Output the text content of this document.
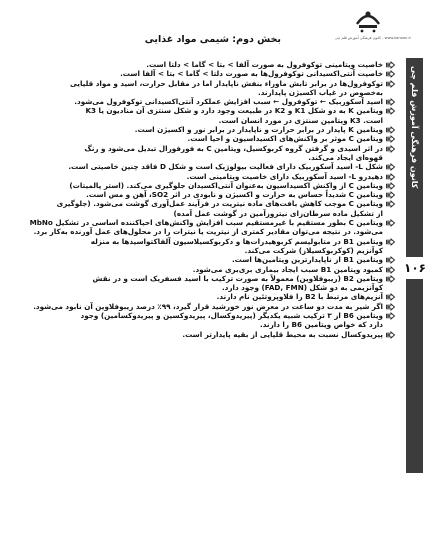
کانون فرهنگی آموزش قلم چی - www.kanoon.ir
بخش دوم: شیمی مواد غذایی
کانون فرهنگی آموزش قلم چی
۱۰۶
خاصیت ویتامینی توکوفرول به صورت آلفا > بتا > گاما > دلتا است.
خاصیت آنتی‌اکسیدانی توکوفرول‌ها به صورت دلتا > گاما > بتا > آلفا است.
توکوفرول‌ها در برابر تابش ماوراء بنفش ناپایدار اما در مقابل حرارت، اسید و مواد قلیایی
به‌خصوص در غیاب اکسیژن پایدارند.
اسید آسکوربیک ← توکوفرول ← سبب افزایش عملکرد آنتی‌اکسیدانی توکوفرول می‌شود.
ویتامین K به دو شکل K1 و K2 در طبیعت وجود دارد و شکل سنتزی آن منادیون یا K3
است. K3 ویتامین سنتزی در مورد انسان است.
ویتامین K پایدار در برابر حرارت و ناپایدار در برابر نور و اکسیژن است.
ویتامین C موثر بر واکنش‌های اکسیداسیون و احیا است.
در اثر اسیدی و گرفتن گروه کربوکسیل، ویتامین C به فورفورال تبدیل می‌شود و رنگ
قهوه‌ای ایجاد می‌کند.
شکل L- اسید آسکوربیک دارای فعالیت بیولوژیک است و شکل D فاقد چنین خاصیتی است.
دهیدرو L- اسید آسکوربیک دارای خاصیت ویتامینی است.
ویتامین C از واکنش اکسیداسیون به‌عنوان آنتی‌اکسیدان جلوگیری می‌کند. (استر پالمیتات)
ویتامین C شدیداً حساس به حرارت و اکسیژن و نابودی در اثر SO2، آهن و مس است.
ویتامین C موجب کاهش بافت‌های ماده نیتریت در فرآیند عمل‌آوری گوشت می‌شود. (جلوگیری
از تشکیل ماده سرطان‌زای نیتروزآمین در گوشت عمل آمده)
ویتامین C بطور مستقیم با غیرمستقیم سبب افزایش واکنش‌های احیاکننده اساسی در تشکیل MbNo
می‌شود. در نتیجه می‌توان مقادیر کمتری از نیتریت یا نیترات را در محلول‌های عمل آورنده به‌کار برد.
ویتامین B1 در متابولیسم کربوهیدرات‌ها و دکربوکسیلاسیون آلفاکتواسیدها به منزله
کوآنزیم (کوکربوکسیلاز) شرکت می‌کند.
ویتامین B1 از ناپایدارترین ویتامین‌ها است.
کمبود ویتامین B1 سبب ایجاد بیماری بری‌بری می‌شود.
ویتامین B2 (ریبوفلاوین) معمولاً به صورت ترکیب با اسید فسفریک است و در نقش
کوآنزیمی به دو شکل (FAD, FMN) وجود دارد.
آنزیم‌های مرتبط با B2 را فلاوپروتئین نام دارند.
اگر شیر به مدت دو ساعت در معرض نور خورشید قرار گیرد، ۹۹٪ درصد ریبوفلاوین آن نابود می‌شود.
ویتامین B6 از ۳ ترکیب شبیه یکدیگر (پیریدوکسال، پیریدوکسین و پیریدوکسامین) وجود
دارد که خواص ویتامین B6 را دارند.
پیریدوکسال نسبت به محیط قلیایی از بقیه پایدارتر است.
